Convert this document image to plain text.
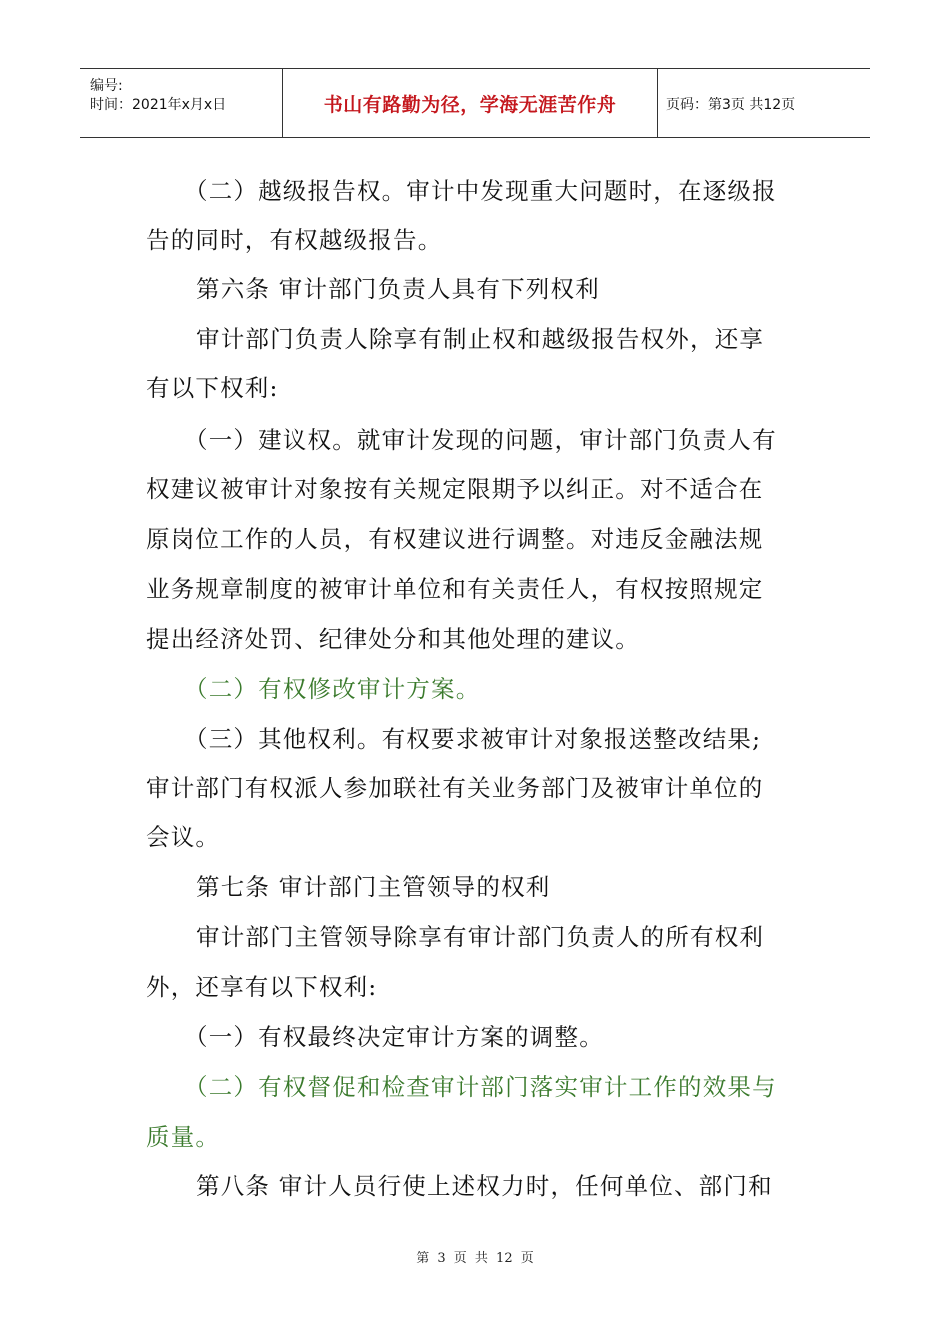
编号:
时间：2021年x月x日	书山有路勤为径，学海无涯苦作舟	页码：第3页 共12页
（二）越级报告权。审计中发现重大问题时，在逐级报
告的同时，有权越级报告。
第六条 审计部门负责人具有下列权利
审计部门负责人除享有制止权和越级报告权外，还享
有以下权利:
（一）建议权。就审计发现的问题，审计部门负责人有
权建议被审计对象按有关规定限期予以纠正。对不适合在
原岗位工作的人员，有权建议进行调整。对违反金融法规
业务规章制度的被审计单位和有关责任人，有权按照规定
提出经济处罚、纪律处分和其他处理的建议。
（二）有权修改审计方案。
（三）其他权利。有权要求被审计对象报送整改结果;
审计部门有权派人参加联社有关业务部门及被审计单位的
会议。
第七条 审计部门主管领导的权利
审计部门主管领导除享有审计部门负责人的所有权利
外，还享有以下权利:
（一）有权最终决定审计方案的调整。
（二）有权督促和检查审计部门落实审计工作的效果与
质量。
第八条 审计人员行使上述权力时，任何单位、部门和
第 3 页 共 12 页
